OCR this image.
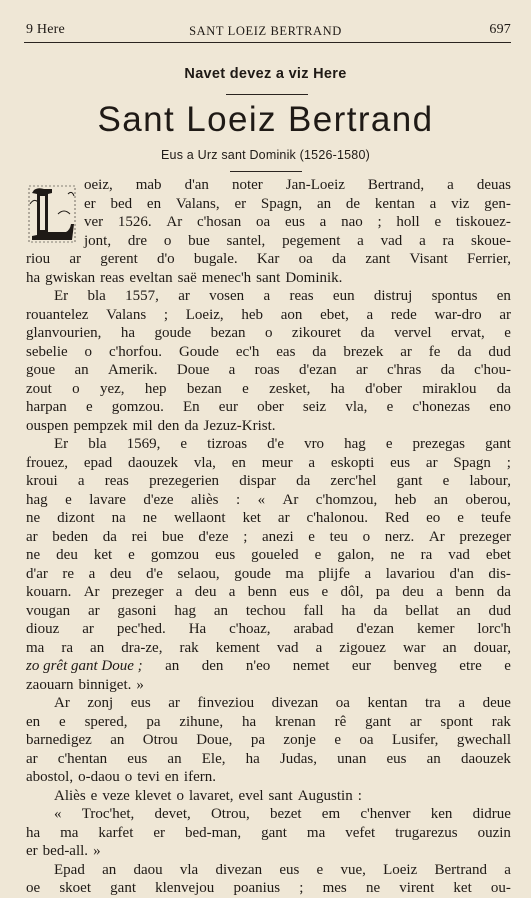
9 Here	SANT LOEIZ BERTRAND	697
Navet devez a viz Here
Sant Loeiz Bertrand
Eus a Urz sant Dominik (1526-1580)
oeiz, mab d'an noter Jan-Loeiz Bertrand, a deuas
er bed en Valans, er Spagn, an de kentan a viz gen-
ver 1526. Ar c'hosan oa eus a nao ; holl e tiskouez-
jont, dre o bue santel, pegement a vad a ra skoue-
riou ar gerent d'o bugale. Kar oa da zant Visant Ferrier,
ha gwiskan reas eveltan saë menec'h sant Dominik.
Er bla 1557, ar vosen a reas eun distruj spontus en
rouantelez Valans ; Loeiz, heb aon ebet, a rede war-dro ar
glanvourien, ha goude bezan o zikouret da vervel ervat, e
sebelie o c'horfou. Goude ec'h eas da brezek ar fe da dud
goue an Amerik. Doue a roas d'ezan ar c'hras da c'hou-
zout o yez, hep bezan e zesket, ha d'ober miraklou da
harpan e gomzou. En eur ober seiz vla, e c'honezas eno
ouspen pempzek mil den da Jezuz-Krist.
Er bla 1569, e tizroas d'e vro hag e prezegas gant
frouez, epad daouzek vla, en meur a eskopti eus ar Spagn ;
kroui a reas prezegerien dispar da zerc'hel gant e labour,
hag e lavare d'eze aliès : « Ar c'homzou, heb an oberou,
ne dizont na ne wellaont ket ar c'halonou. Red eo e teufe
ar beden da rei bue d'eze ; anezi e teu o nerz. Ar prezeger
ne deu ket e gomzou eus goueled e galon, ne ra vad ebet
d'ar re a deu d'e selaou, goude ma plijfe a lavariou d'an dis-
kouarn. Ar prezeger a deu a benn eus e dôl, pa deu a benn da
vougan ar gasoni hag an techou fall ha da bellat an dud
diouz ar pec'hed. Ha c'hoaz, arabad d'ezan kemer lorc'h
ma ra an dra-ze, rak kement vad a zigouez war an douar,
zo grêt gant Doue ; an den n'eo nemet eur benveg etre e
zaouarn binniget. »
Ar zonj eus ar finveziou divezan oa kentan tra a deue
en e spered, pa zihune, ha krenan rê gant ar spont rak
barnedigez an Otrou Doue, pa zonje e oa Lusifer, gwechall
ar c'hentan eus an Ele, ha Judas, unan eus an daouzek
abostol, o-daou o tevi en ifern.
Aliès e veze klevet o lavaret, evel sant Augustin :
« Troc'het, devet, Otrou, bezet em c'henver ken didrue
ha ma karfet er bed-man, gant ma vefet trugarezus ouzin
er bed-all. »
Epad an daou vla divezan eus e vue, Loeiz Bertrand a
oe skoet gant klenvejou poanius ; mes ne virent ket ou-
